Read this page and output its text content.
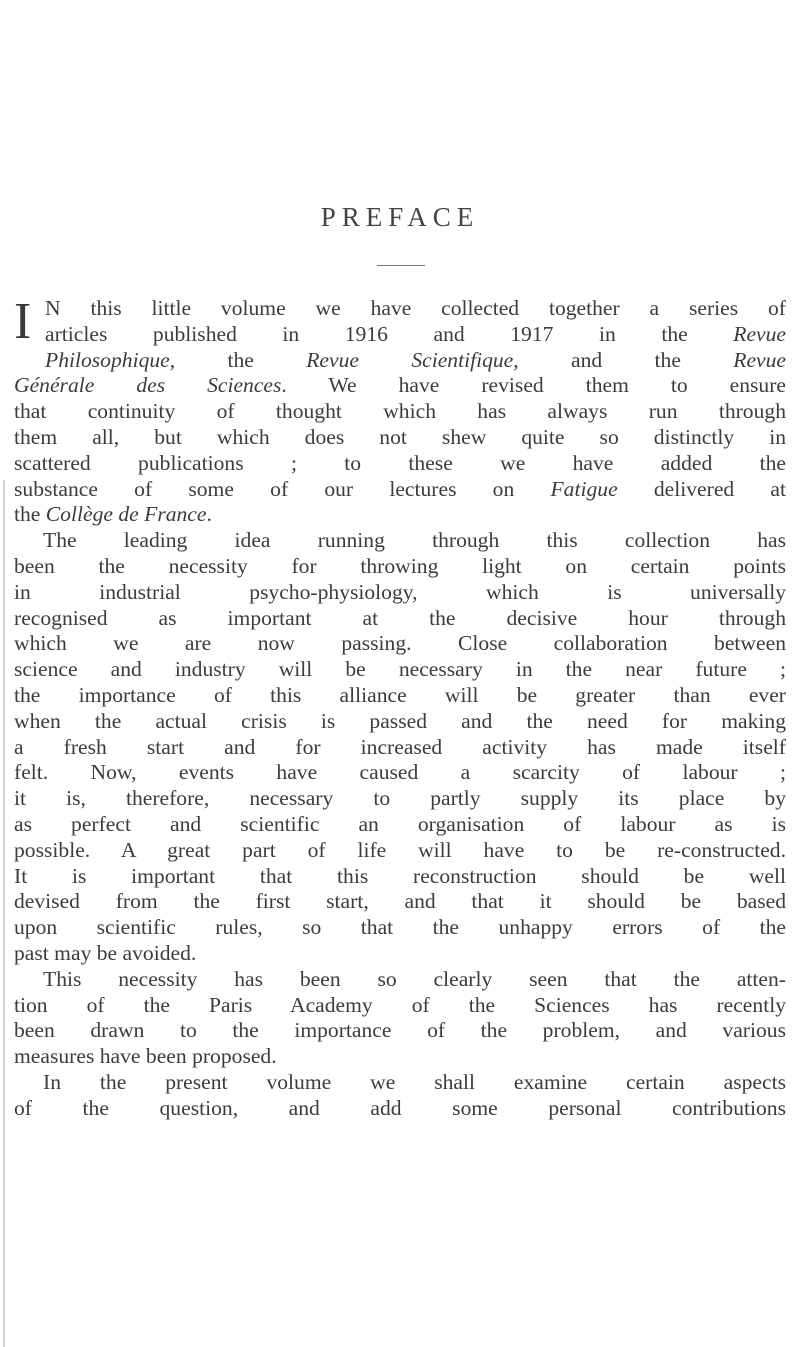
PREFACE
I N this little volume we have collected together a series of
articles published in 1916 and 1917 in the Revue
Philosophique, the Revue Scientifique, and the Revue
Générale des Sciences. We have revised them to ensure
that continuity of thought which has always run through
them all, but which does not shew quite so distinctly in
scattered publications ; to these we have added the
substance of some of our lectures on Fatigue delivered at
the Collège de France.
The leading idea running through this collection has
been the necessity for throwing light on certain points
in industrial psycho-physiology, which is universally
recognised as important at the decisive hour through
which we are now passing. Close collaboration between
science and industry will be necessary in the near future ;
the importance of this alliance will be greater than ever
when the actual crisis is passed and the need for making
a fresh start and for increased activity has made itself
felt. Now, events have caused a scarcity of labour ;
it is, therefore, necessary to partly supply its place by
as perfect and scientific an organisation of labour as is
possible. A great part of life will have to be re-constructed.
It is important that this reconstruction should be well
devised from the first start, and that it should be based
upon scientific rules, so that the unhappy errors of the
past may be avoided.
This necessity has been so clearly seen that the atten-
tion of the Paris Academy of the Sciences has recently
been drawn to the importance of the problem, and various
measures have been proposed.
In the present volume we shall examine certain aspects
of the question, and add some personal contributions
